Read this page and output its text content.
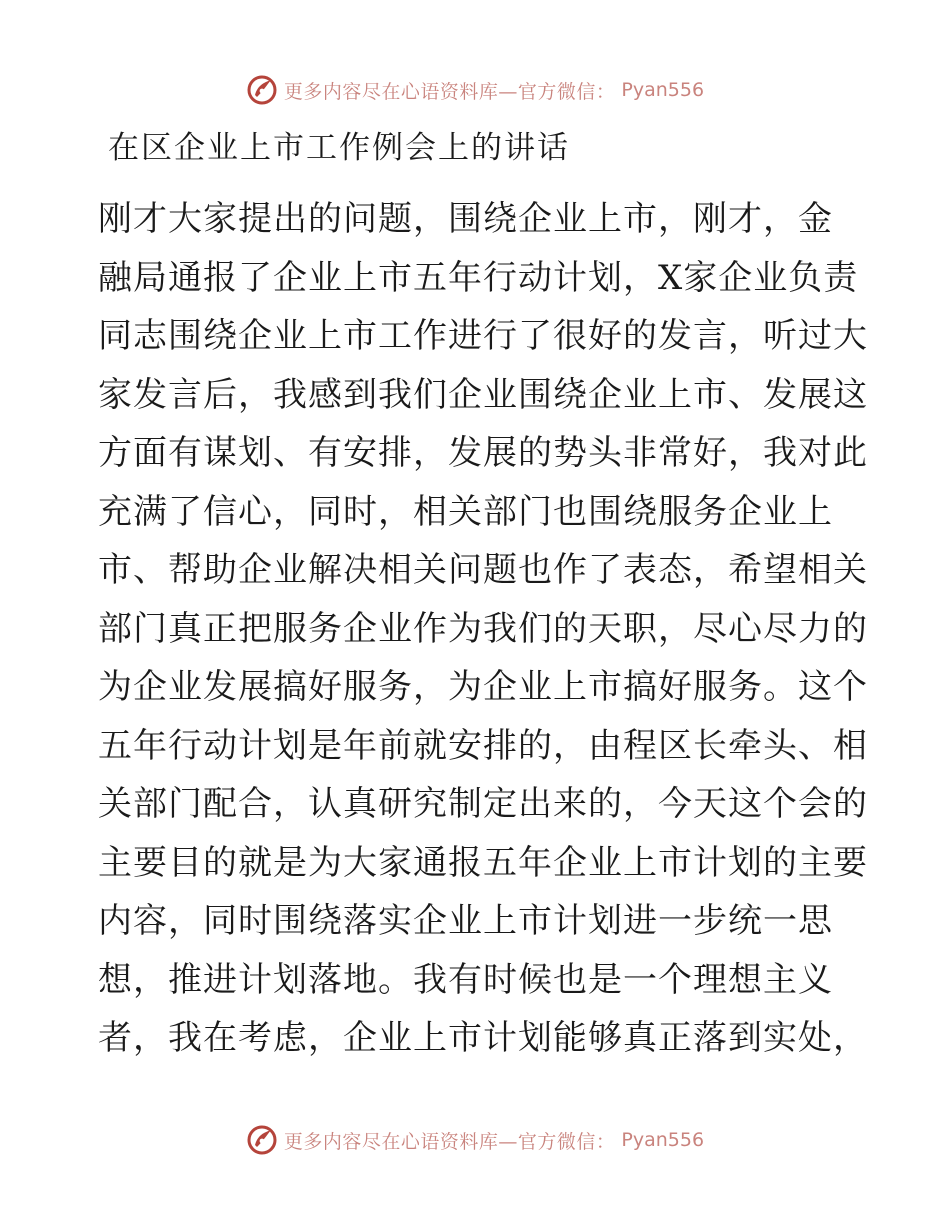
更多内容尽在心语资料库—官方微信： Pyan556
在区企业上市工作例会上的讲话
刚才大家提出的问题，围绕企业上市，刚才，金
融局通报了企业上市五年行动计划，X家企业负责
同志围绕企业上市工作进行了很好的发言，听过大
家发言后，我感到我们企业围绕企业上市、发展这
方面有谋划、有安排，发展的势头非常好，我对此
充满了信心，同时，相关部门也围绕服务企业上
市、帮助企业解决相关问题也作了表态，希望相关
部门真正把服务企业作为我们的天职，尽心尽力的
为企业发展搞好服务，为企业上市搞好服务。这个
五年行动计划是年前就安排的，由程区长牵头、相
关部门配合，认真研究制定出来的，今天这个会的
主要目的就是为大家通报五年企业上市计划的主要
内容，同时围绕落实企业上市计划进一步统一思
想，推进计划落地。我有时候也是一个理想主义
者，我在考虑，企业上市计划能够真正落到实处，
更多内容尽在心语资料库—官方微信： Pyan556
